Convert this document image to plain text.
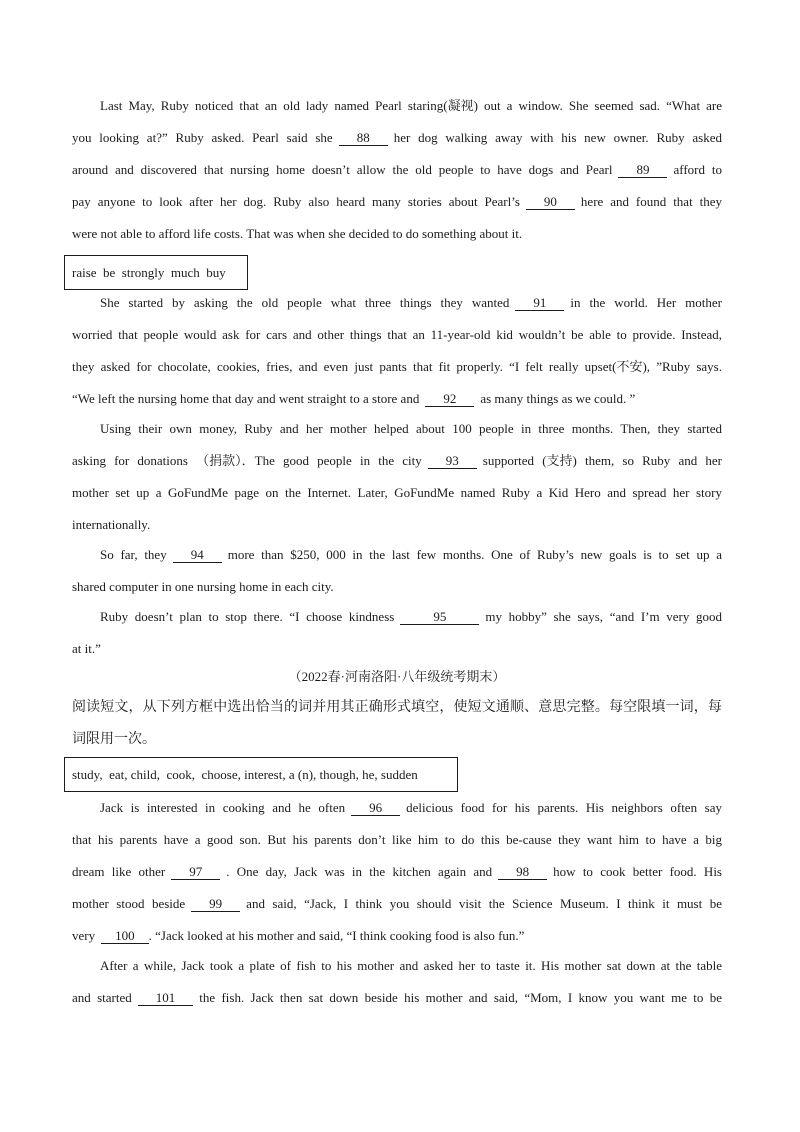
Last May, Ruby noticed that an old lady named Pearl staring(凝视) out a window. She seemed sad. “What are
you looking at?” Ruby asked. Pearl said she 88 her dog walking away with his new owner. Ruby asked
around and discovered that nursing home doesn’t allow the old people to have dogs and Pearl 89 afford to
pay anyone to look after her dog. Ruby also heard many stories about Pearl’s 90 here and found that they
were not able to afford life costs. That was when she decided to do something about it.
raise  be  strongly  much  buy
She started by asking the old people what three things they wanted 91 in the world. Her mother
worried that people would ask for cars and other things that an 11-year-old kid wouldn’t be able to provide. Instead,
they asked for chocolate, cookies, fries, and even just pants that fit properly. “I felt really upset(不安), ”Ruby says.
“We left the nursing home that day and went straight to a store and 92 as many things as we could. ”
Using their own money, Ruby and her mother helped about 100 people in three months. Then, they started
asking for donations （捐款）．The good people in the city 93 supported (支持) them, so Ruby and her
mother set up a GoFundMe page on the Internet. Later, GoFundMe named Ruby a Kid Hero and spread her story
internationally.
So far, they 94 more than $250, 000 in the last few months. One of Ruby’s new goals is to set up a
shared computer in one nursing home in each city.
Ruby doesn’t plan to stop there. “I choose kindness	95	my hobby” she says, “and I’m very good
at it.”
（2022春·河南洛阳·八年级统考期末）
阅读短文，从下列方框中选出恰当的词并用其正确形式填空，使短文通顺、意思完整。每空限填一词，每
词限用一次。
study,  eat, child,  cook,  choose, interest, a (n), though, he, sudden
Jack is interested in cooking and he often 96 delicious food for his parents. His neighbors often say
that his parents have a good son. But his parents don’t like him to do this be-cause they want him to have a big
dream like other 97 . One day, Jack was in the kitchen again and 98 how to cook better food. His
mother stood beside 99 and said, “Jack, I think you should visit the Science Museum. I think it must be
very 100 . “Jack looked at his mother and said, “I think cooking food is also fun.”
After a while, Jack took a plate of fish to his mother and asked her to taste it. His mother sat down at the table
and started 101 the fish. Jack then sat down beside his mother and said, “Mom, I know you want me to be
